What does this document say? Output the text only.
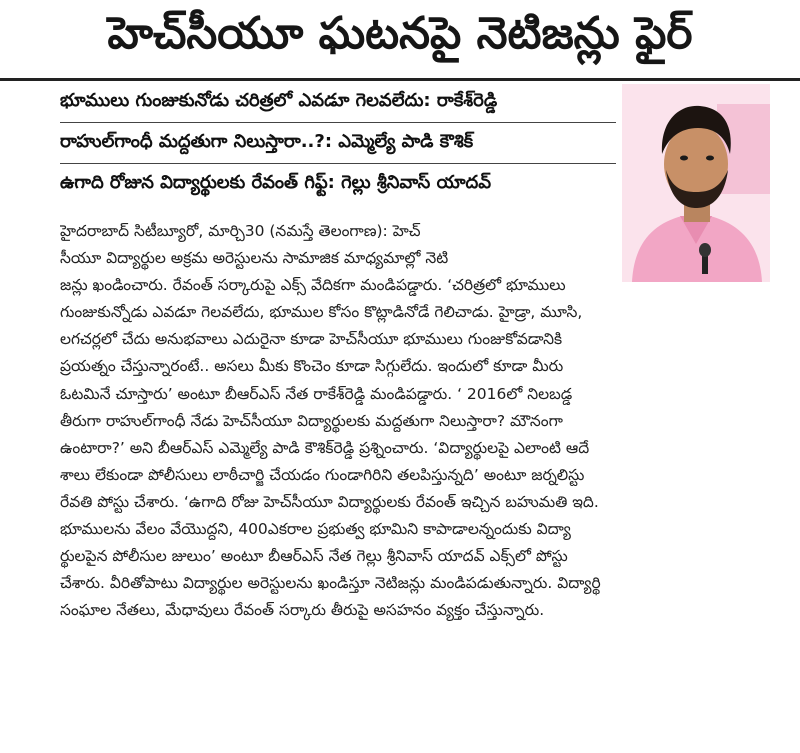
హెచ్‌సీయూ ఘటనపై నెటిజన్లు ఫైర్
భూములు గుంజుకునోడు చరిత్రలో ఎవడూ గెలవలేదు: రాకేశ్‌రెడ్డి
రాహుల్‌గాంధీ మద్దతుగా నిలుస్తారా..?: ఎమ్మెల్యే పాడి కౌశిక్
ఉగాది రోజున విద్యార్థులకు రేవంత్ గిఫ్ట్: గెల్లు శ్రీనివాస్ యాదవ్
హైదరాబాద్ సిటీబ్యూరో, మార్చి30 (నమస్తే తెలంగాణ): హెచ్
సీయూ విద్యార్థుల అక్రమ అరెస్టులను సామాజిక మాధ్యమాల్లో నెటి
జన్లు ఖండించారు. రేవంత్ సర్కారుపై ఎక్స్ వేదికగా మండిపడ్డారు. ‘చరిత్రలో భూములు
గుంజుకున్నోడు ఎవడూ గెలవలేదు, భూముల కోసం కొట్లాడినోడే గెలిచాడు. హైడ్రా, మూసి,
లగచర్లలో చేదు అనుభవాలు ఎదురైనా కూడా హెచ్‌సీయూ భూములు గుంజుకోవడానికి
ప్రయత్నం చేస్తున్నారంటే.. అసలు మీకు కొంచెం కూడా సిగ్గులేదు. ఇందులో కూడా మీరు
ఓటమినే చూస్తారు’ అంటూ బీఆర్‌ఎస్ నేత రాకేశ్‌రెడ్డి మండిపడ్డారు. ‘ 2016లో నిలబడ్డ
తీరుగా రాహుల్‌గాంధీ నేడు హెచ్‌సీయూ విద్యార్థులకు మద్దతుగా నిలుస్తారా? మౌనంగా
ఉంటారా?’ అని బీఆర్‌ఎస్ ఎమ్మెల్యే పాడి కౌశిక్‌రెడ్డి ప్రశ్నించారు. ‘విద్యార్థులపై ఎలాంటి ఆదే
శాలు లేకుండా పోలీసులు లాఠీచార్జి చేయడం గుండాగిరిని తలపిస్తున్నది’ అంటూ జర్నలిస్టు
రేవతి పోస్టు చేశారు. ‘ఉగాది రోజు హెచ్‌సీయూ విద్యార్థులకు రేవంత్ ఇచ్చిన బహుమతి ఇది.
భూములను వేలం వేయొద్దని, 400ఎకరాల ప్రభుత్వ భూమిని కాపాడాలన్నందుకు విద్యా
ర్థులపైన పోలీసుల జులుం’ అంటూ బీఆర్‌ఎస్ నేత గెల్లు శ్రీనివాస్ యాదవ్ ఎక్స్‌లో పోస్టు
చేశారు. వీరితోపాటు విద్యార్థుల అరెస్టులను ఖండిస్తూ నెటిజన్లు మండిపడుతున్నారు. విద్యార్థి
సంఘాల నేతలు, మేధావులు రేవంత్ సర్కారు తీరుపై అసహనం వ్యక్తం చేస్తున్నారు.
